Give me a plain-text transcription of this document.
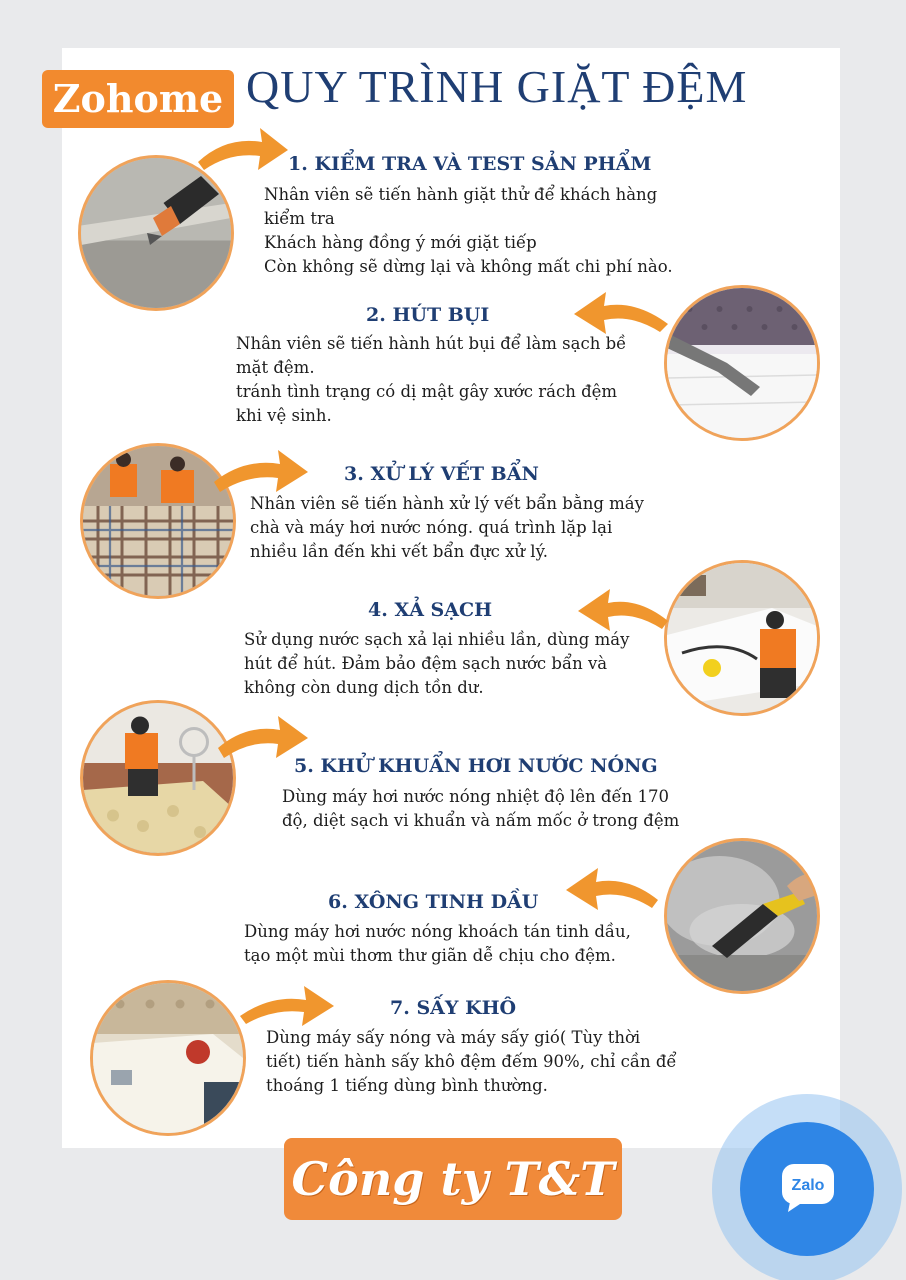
Zohome QUY TRÌNH GIẶT ĐỆM
1. KIỂM TRA VÀ TEST SẢN PHẨM

Nhân viên sẽ tiến hành giặt thử để khách hàng

kiểm tra

Khách hàng đồng ý mới giặt tiếp

Còn không sẽ dừng lại và không mất chi phí nào.

2. HÚT BỤI

Nhân viên sẽ tiến hành hút bụi để làm sạch bề

mặt đệm.

tránh tình trạng có dị mật gây xước rách đệm

khi vệ sinh.

3. XỬ LÝ VẾT BẨN

Nhân viên sẽ tiến hành xử lý vết bẩn bằng máy

chà và máy hơi nước nóng. quá trình lặp lại

nhiều lần đến khi vết bẩn đực xử lý.

4. XẢ SẠCH

Sử dụng nước sạch xả lại nhiều lần, dùng máy

hút để hút. Đảm bảo đệm sạch nước bẩn và

không còn dung dịch tồn dư.

5. KHỬ KHUẨN HƠI NƯỚC NÓNG

Dùng máy hơi nước nóng nhiệt độ lên đến 170

độ, diệt sạch vi khuẩn và nấm mốc ở trong đệm

6. XÔNG TINH DẦU

Dùng máy hơi nước nóng khoách tán tinh dầu,

tạo một mùi thơm thư giãn dễ chịu cho đệm.

7. SẤY KHÔ

Dùng máy sấy nóng và máy sấy gió( Tùy thời

tiết) tiến hành sấy khô đệm đếm 90%, chỉ cần để

thoáng 1 tiếng dùng bình thường.

Công ty T&T	Zalo
